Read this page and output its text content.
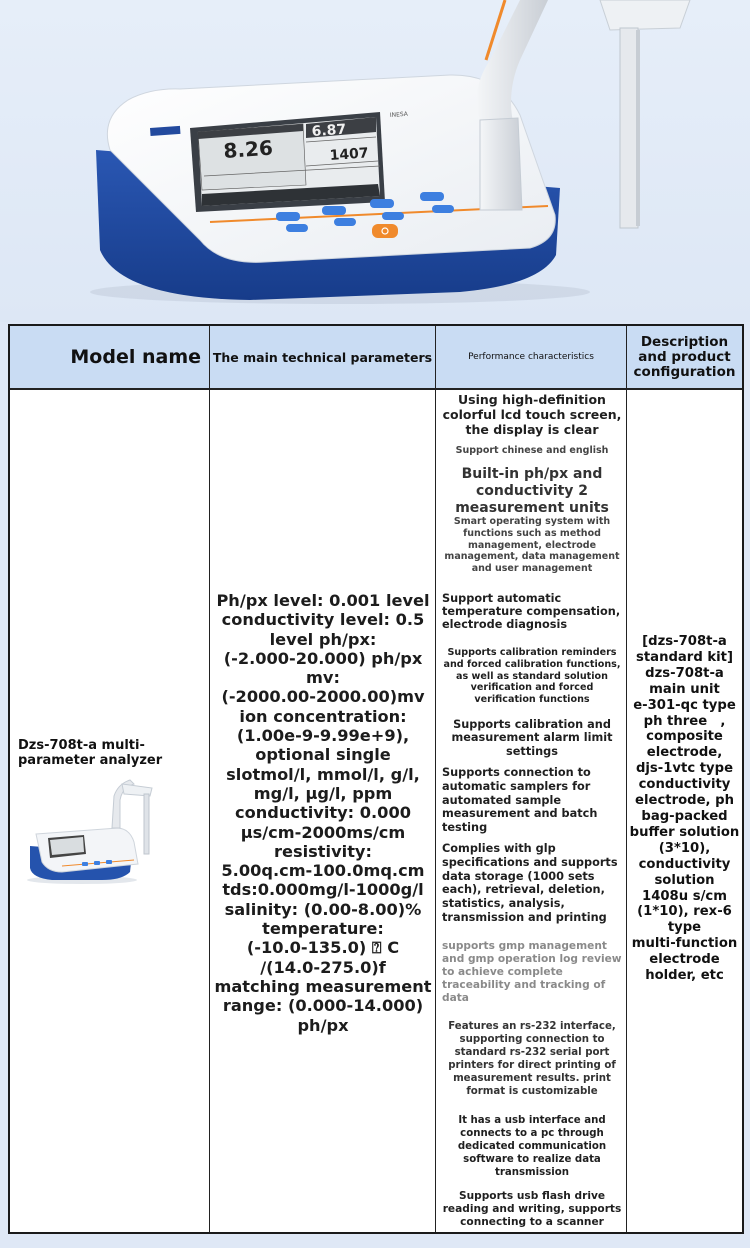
8.26
6.87
1407
INESA
Model name The main technical parameters	Performance characteristics
Description and product configuration
Dzs-708t-a multi-parameter analyzer
Ph/px level: 0.001 level
conductivity level: 0.5
level ph/px:
(-2.000-20.000) ph/px
mv:
(-2000.00-2000.00)mv
ion concentration:
(1.00e-9-9.99e+9),
optional single
slotmol/l, mmol/l, g/l,
mg/l, μg/l, ppm
conductivity: 0.000
μs/cm-2000ms/cm
resistivity:
5.00q.cm-100.0mq.cm
tds:0.000mg/l-1000g/l
salinity: (0.00-8.00)%
temperature:
(-10.0-135.0) ⍰ C
/(14.0-275.0)f
matching measurement
range: (0.000-14.000)
ph/px
Using high-definition colorful lcd touch screen, the display is clear
Support chinese and english
Built-in ph/px and conductivity 2 measurement units
Smart operating system with functions such as method management, electrode management, data management and user management
Support automatic temperature compensation, electrode diagnosis
Supports calibration reminders and forced calibration functions, as well as standard solution verification and forced verification functions
Supports calibration and measurement alarm limit settings
Supports connection to automatic samplers for automated sample measurement and batch testing
Complies with glp specifications and supports data storage (1000 sets each), retrieval, deletion, statistics, analysis, transmission and printing
supports gmp management and gmp operation log review to achieve complete traceability and tracking of data
Features an rs-232 interface, supporting connection to standard rs-232 serial port printers for direct printing of measurement results. print format is customizable
It has a usb interface and connects to a pc through dedicated communication software to realize data transmission
Supports usb flash drive reading and writing, supports connecting to a scanner
[dzs-708t-a
standard kit]
dzs-708t-a
main unit
e-301-qc type
ph three　,
composite
electrode,
djs-1vtc type
conductivity
electrode, ph
bag-packed
buffer solution
(3*10),
conductivity
solution
1408u s/cm
(1*10), rex-6
type
multi-function
electrode
holder, etc
